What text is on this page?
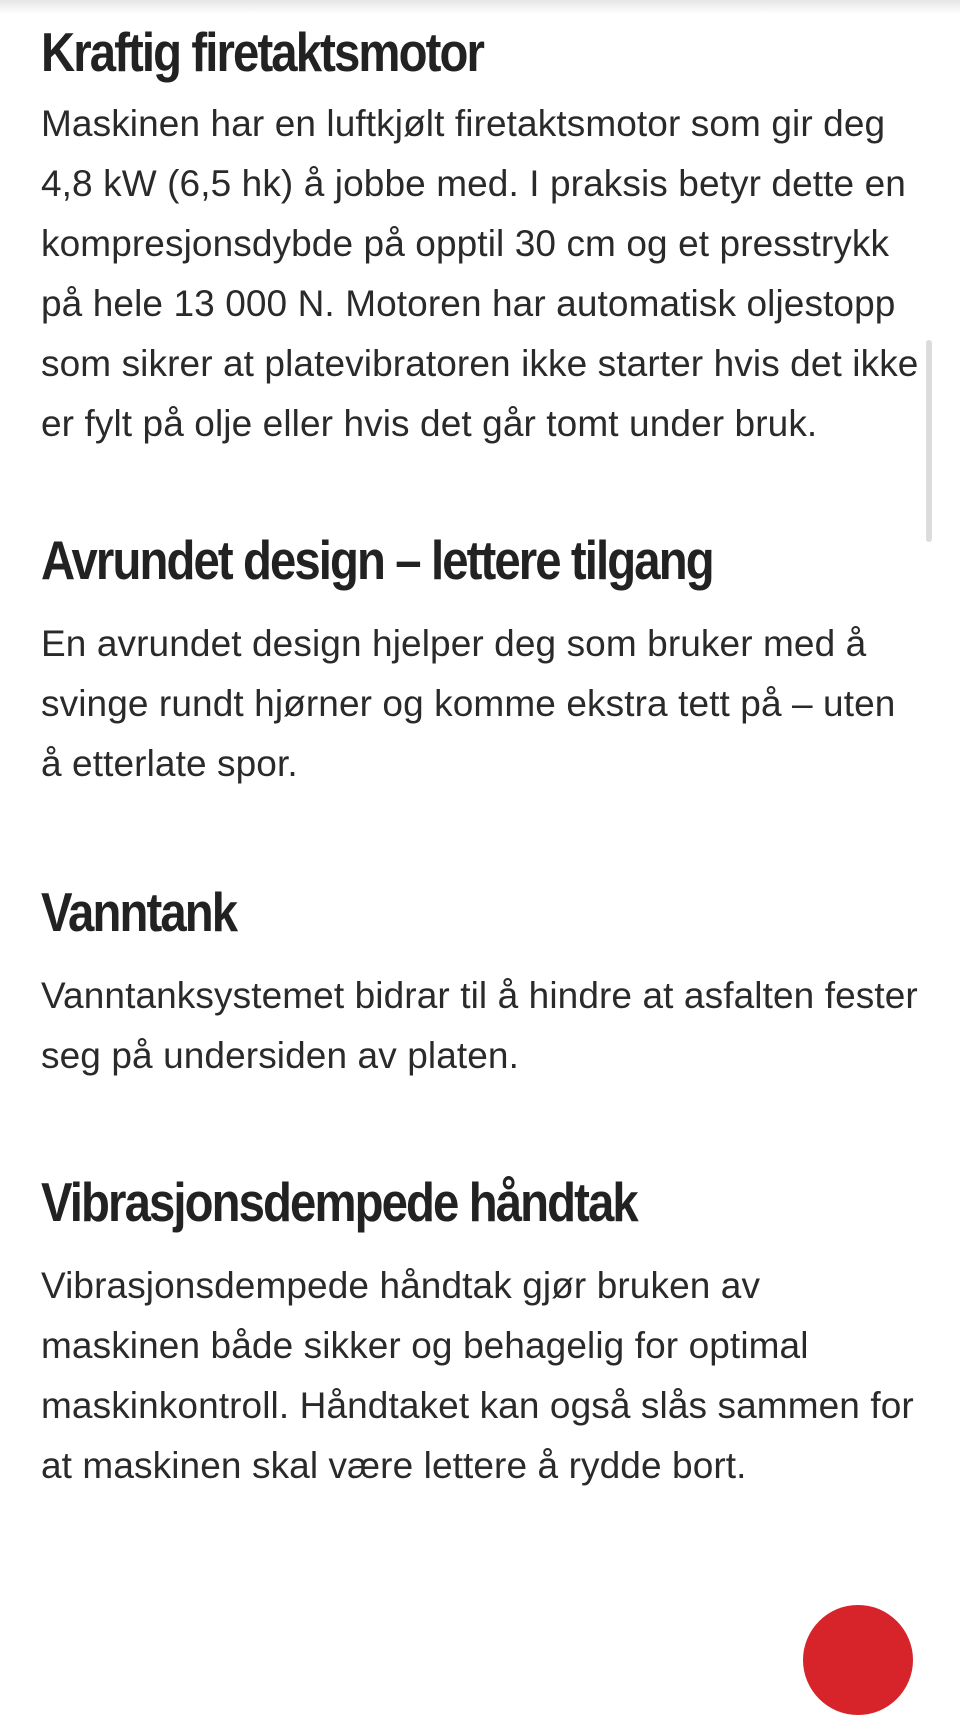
Kraftig firetaktsmotor

Maskinen har en luftkjølt firetaktsmotor som gir deg 4,8 kW (6,5 hk) å jobbe med. I praksis betyr dette en kompresjonsdybde på opptil 30 cm og et presstrykk på hele 13 000 N. Motoren har automatisk oljestopp som sikrer at platevibratoren ikke starter hvis det ikke er fylt på olje eller hvis det går tomt under bruk.

Avrundet design – lettere tilgang

En avrundet design hjelper deg som bruker med å svinge rundt hjørner og komme ekstra tett på – uten å etterlate spor.

Vanntank

Vanntanksystemet bidrar til å hindre at asfalten fester seg på undersiden av platen.

Vibrasjonsdempede håndtak

Vibrasjonsdempede håndtak gjør bruken av maskinen både sikker og behagelig for optimal maskinkontroll. Håndtaket kan også slås sammen for at maskinen skal være lettere å rydde bort.
